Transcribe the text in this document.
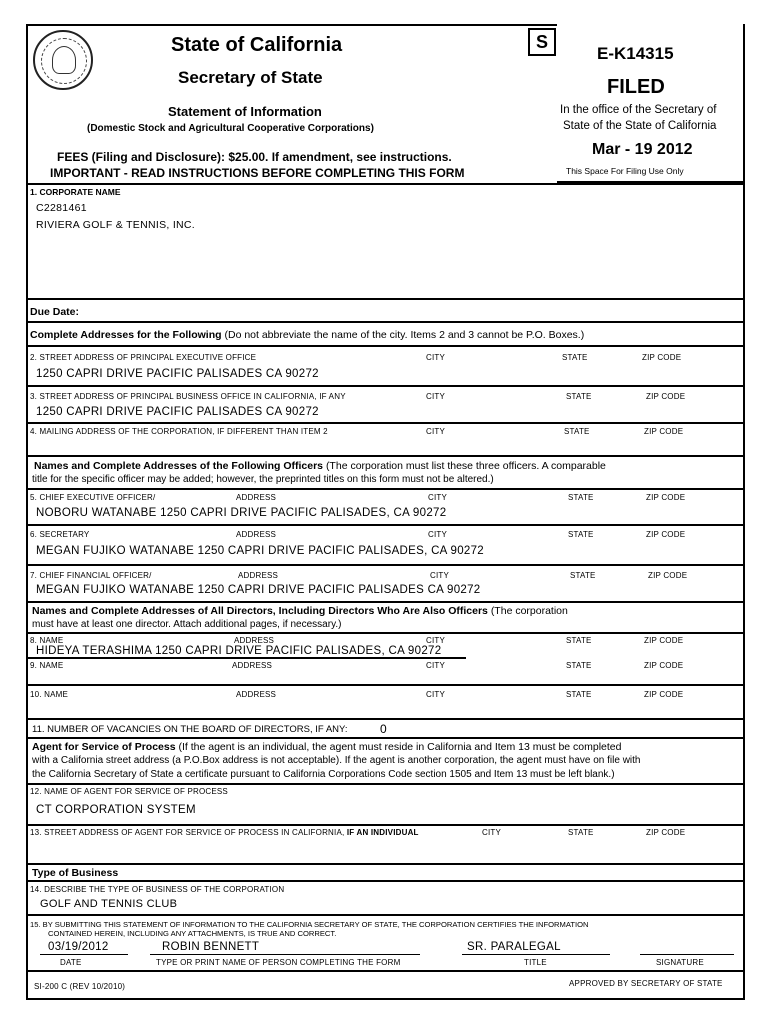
State of California
Secretary of State
Statement of Information
(Domestic Stock and Agricultural Cooperative Corporations)
FEES (Filing and Disclosure): $25.00. If amendment, see instructions.
IMPORTANT - READ INSTRUCTIONS BEFORE COMPLETING THIS FORM
S
E-K14315
FILED
In the office of the Secretary of
State of the State of California
Mar - 19 2012
This Space For Filing Use Only
1. CORPORATE NAME
C2281461
RIVIERA GOLF & TENNIS, INC.
Due Date:
Complete Addresses for the Following (Do not abbreviate the name of the city. Items 2 and 3 cannot be P.O. Boxes.)
2. STREET ADDRESS OF PRINCIPAL EXECUTIVE OFFICE	CITY	STATE	ZIP CODE
1250 CAPRI DRIVE PACIFIC PALISADES CA 90272
3. STREET ADDRESS OF PRINCIPAL BUSINESS OFFICE IN CALIFORNIA, IF ANY	CITY	STATE	ZIP CODE
1250 CAPRI DRIVE PACIFIC PALISADES CA 90272
4. MAILING ADDRESS OF THE CORPORATION, IF DIFFERENT THAN ITEM 2	CITY	STATE	ZIP CODE
Names and Complete Addresses of the Following Officers (The corporation must list these three officers. A comparable
title for the specific officer may be added; however, the preprinted titles on this form must not be altered.)
5. CHIEF EXECUTIVE OFFICER/	ADDRESS	CITY	STATE	ZIP CODE
NOBORU WATANABE 1250 CAPRI DRIVE PACIFIC PALISADES, CA 90272
6. SECRETARY	ADDRESS	CITY	STATE	ZIP CODE
MEGAN FUJIKO WATANABE 1250 CAPRI DRIVE PACIFIC PALISADES, CA 90272
7. CHIEF FINANCIAL OFFICER/	ADDRESS	CITY	STATE	ZIP CODE
MEGAN FUJIKO WATANABE 1250 CAPRI DRIVE PACIFIC PALISADES CA 90272
Names and Complete Addresses of All Directors, Including Directors Who Are Also Officers (The corporation
must have at least one director. Attach additional pages, if necessary.)
8. NAME	ADDRESS	CITY	STATE	ZIP CODE
HIDEYA TERASHIMA 1250 CAPRI DRIVE PACIFIC PALISADES, CA 90272
9. NAME	ADDRESS	CITY	STATE	ZIP CODE
10. NAME	ADDRESS	CITY	STATE	ZIP CODE
11. NUMBER OF VACANCIES ON THE BOARD OF DIRECTORS, IF ANY:	0
Agent for Service of Process (If the agent is an individual, the agent must reside in California and Item 13 must be completed
with a California street address (a P.O.Box address is not acceptable). If the agent is another corporation, the agent must have on file with
the California Secretary of State a certificate pursuant to California Corporations Code section 1505 and Item 13 must be left blank.)
12. NAME OF AGENT FOR SERVICE OF PROCESS
CT CORPORATION SYSTEM
13. STREET ADDRESS OF AGENT FOR SERVICE OF PROCESS IN CALIFORNIA, IF AN INDIVIDUAL	CITY	STATE	ZIP CODE
Type of Business
14. DESCRIBE THE TYPE OF BUSINESS OF THE CORPORATION
GOLF AND TENNIS CLUB
15. BY SUBMITTING THIS STATEMENT OF INFORMATION TO THE CALIFORNIA SECRETARY OF STATE, THE CORPORATION CERTIFIES THE INFORMATION
CONTAINED HEREIN, INCLUDING ANY ATTACHMENTS, IS TRUE AND CORRECT.
03/19/2012	ROBIN BENNETT	SR. PARALEGAL
DATE	TYPE OR PRINT NAME OF PERSON COMPLETING THE FORM	TITLE	SIGNATURE
SI-200 C (REV 10/2010)	APPROVED BY SECRETARY OF STATE
